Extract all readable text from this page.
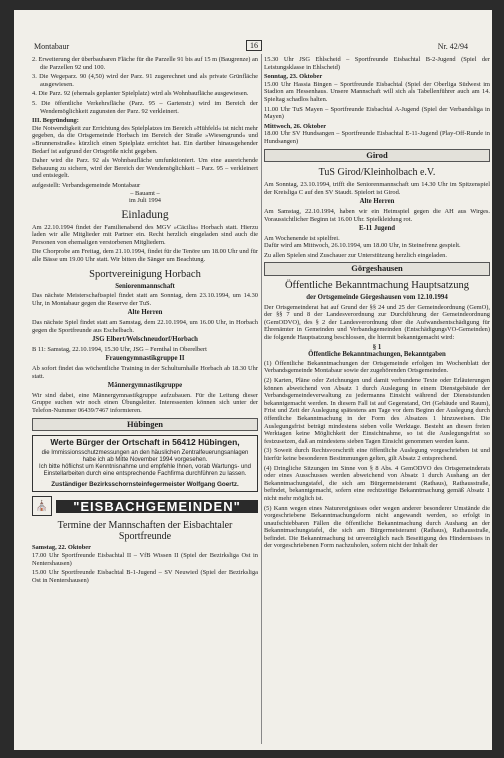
Montabaur	16	Nr. 42/94

2. Erweiterung der überbaubaren Fläche für die Parzelle 91 bis auf 15 m (Baugrenze) an die Parzellen 92 und 100.

3. Die Wegeparz. 90 (4,50) wird der Parz. 91 zugerechnet und als private Grünfläche ausgewiesen.

4. Die Parz. 92 (ehemals geplanter Spielplatz) wird als Wohnbaufläche ausgewiesen.

5. Die öffentliche Verkehrsfläche (Parz. 95 – Gartenstr.) wird im Bereich der Wendemöglichkeit zugunsten der Parz. 92 verkleinert.

III. Begründung:

Die Notwendigkeit zur Errichtung des Spielplatzes im Bereich »Hühfeld« ist nicht mehr gegeben, da die Ortsgemeinde Horbach im Bereich der Straße »Wiesengrund« und »Brunnenstraße« kürzlich einen Spielplatz errichtet hat. Ein darüber hinausgehender Bedarf ist aufgrund der Ortsgröße nicht gegeben.

Daher wird die Parz. 92 als Wohnbaufläche umfunktioniert. Um eine ausreichende Bebauung zu sichern, wird der Bereich der Wendemöglichkeit – Parz. 95 – verkleinert und entsiegelt.

aufgestellt: Verbandsgemeinde Montabaur

– Bauamt –

im Juli 1994

Einladung

Am 22.10.1994 findet der Familienabend des MGV »Cäcilia« Horbach statt. Hierzu laden wir alle Mitglieder mit Partner ein. Recht herzlich eingeladen sind auch die Personen von ehemaligen verstorbenen Mitgliedern.

Die Chorprobe am Freitag, dem 21.10.1994, findet für die Tenöre um 18.00 Uhr und für alle Bässe um 19.00 Uhr statt. Wir bitten die Sänger um Beachtung.

Sportvereinigung Horbach
Seniorenmannschaft

Das nächste Meisterschaftsspiel findet statt am Sonntag, dem 23.10.1994, um 14.30 Uhr, in Montabaur gegen die Reserve der TuS.

Alte Herren

Das nächste Spiel findet statt am Samstag, dem 22.10.1994, um 16.00 Uhr, in Horbach gegen die Sportfreunde aus Eschelbach.

JSG Elbert/Welschneudorf/Horbach

B 11: Samstag, 22.10.1994, 15.30 Uhr, JSG – Fernthal in Oberelbert

Frauengymnastikgruppe II

Ab sofort findet das wöchentliche Training in der Schulturnhalle Horbach ab 18.30 Uhr statt.

Männergymnastikgruppe

Wir sind dabei, eine Männergymnastikgruppe aufzubauen. Für die Leitung dieser Gruppe suchen wir noch einen Übungsleiter. Interessenten können sich unter der Telefon-Nummer 06439/7467 informieren.

Hübingen
Werte Bürger der Ortschaft in 56412 Hübingen,
die Immissionsschutzmessungen an den häuslichen Zentralfeuerungsanlagen habe ich ab Mitte November 1994 vorgesehen.
Ich bitte höflichst um Kenntnisnahme und empfehle Ihnen, vorab Wartungs- und Einstellarbeiten durch eine entsprechende Fachfirma durchführen zu lassen.
Zuständiger Bezirksschornsteinfegermeister Wolfgang Goertz.
⛪	"EISBACHGEMEINDEN"
Termine der Mannschaften der Eisbachtaler Sportfreunde

Samstag, 22. Oktober

17.00 Uhr Sportfreunde Eisbachtal II – VfB Wissen II (Spiel der Bezirksliga Ost in Nentershausen)

15.00 Uhr Sportfreunde Eisbachtal B-1-Jugend – SV Neuwied (Spiel der Bezirksliga Ost in Nentershausen)

15.30 Uhr JSG Ehlscheid – Sportfreunde Eisbachtal B-2-Jugend (Spiel der Leistungsklasse in Ehlscheid)

Sonntag, 23. Oktober

15.00 Uhr Hassia Bingen – Sportfreunde Eisbachtal (Spiel der Oberliga Südwest im Stadion am Hessenhaus. Unsere Mannschaft will sich als Tabellenführer auch am 14. Spieltag schadlos halten.

11.00 Uhr TuS Mayen – Sportfreunde Eisbachtal A-Jugend (Spiel der Verbandsliga in Mayen)

Mittwoch, 26. Oktober

18.00 Uhr SV Hundsangen – Sportfreunde Eisbachtal E-11-Jugend (Play-Off-Runde in Hundsangen)

Girod
TuS Girod/Kleinholbach e.V.

Am Sonntag, 23.10.1994, trifft die Seniorenmannschaft um 14.30 Uhr im Spitzenspiel der Kreisliga C auf den SV Staudt. Spielort ist Girod.

Alte Herren

Am Samstag, 22.10.1994, haben wir ein Heimspiel gegen die AH aus Wirges. Voraussichtlicher Beginn ist 16.00 Uhr. Spielkleidung rot.

E-11 Jugend

Am Wochenende ist spielfrei.

Dafür wird am Mittwoch, 26.10.1994, um 18.00 Uhr, in Steinefrenz gespielt.

Zu allen Spielen sind Zuschauer zur Unterstützung herzlich eingeladen.

Görgeshausen
Öffentliche Bekanntmachung Hauptsatzung
der Ortsgemeinde Görgeshausen vom 12.10.1994

Der Ortsgemeinderat hat auf Grund der §§ 24 und 25 der Gemeindeordnung (GemO), der §§ 7 und 8 der Landesverordnung zur Durchführung der Gemeindeordnung (GemODVO), des § 2 der Landesverordnung über die Aufwandsentschädigung für Ehrenämter in Gemeinden und Verbandsgemeinden (EntschädigungsVO-Gemeinden) die folgende Hauptsatzung beschlossen, die hiermit bekanntgemacht wird:

§ 1
Öffentliche Bekanntmachungen, Bekanntgaben

(1) Öffentliche Bekanntmachungen der Ortsgemeinde erfolgen im Wochenblatt der Verbandsgemeinde Montabaur sowie der zugehörenden Ortsgemeinden.

(2) Karten, Pläne oder Zeichnungen und damit verbundene Texte oder Erläuterungen können abweichend von Absatz 1 durch Auslegung in einem Dienstgebäude der Verbandsgemeindeverwaltung zu jedermanns Einsicht während der Dienststunden bekanntgemacht werden. In diesem Fall ist auf Gegenstand, Ort (Gebäude und Raum), Frist und Zeit der Auslegung spätestens am Tage vor dem Beginn der Auslegung durch öffentliche Bekanntmachung in der Form des Absatzes 1 hinzuweisen. Die Auslegungsfrist beträgt mindestens sieben volle Werktage. Besteht an diesen freien Werktagen keine Möglichkeit der Einsichtnahme, so ist die Auslegungsfrist so festzusetzen, daß an mindestens sieben Tagen Einsicht genommen werden kann.

(3) Soweit durch Rechtsvorschrift eine öffentliche Auslegung vorgeschrieben ist und hierfür keine besonderen Bestimmungen gelten, gilt Absatz 2 entsprechend.

(4) Dringliche Sitzungen im Sinne von § 8 Abs. 4 GemODVO des Ortsgemeinderats oder eines Ausschusses werden abweichend von Absatz 1 durch Aushang an der Bekanntmachungstafel, die sich am Bürgermeisteramt (Rathaus), Rathausstraße, befindet, bekanntgemacht, sofern eine rechtzeitige Bekanntmachung gemäß Absatz 1 nicht mehr möglich ist.

(5) Kann wegen eines Naturereignisses oder wegen anderer besonderer Umstände die vorgeschriebene Bekanntmachungsform nicht angewandt werden, so erfolgt in unaufschiebbaren Fällen die öffentliche Bekanntmachung durch Aushang an der Bekanntmachungstafel, die sich am Bürgermeisteramt (Rathaus), Rathausstraße, befindet. Die Bekanntmachung ist unverzüglich nach Beseitigung des Hindernisses in der vorgeschriebenen Form nachzuholen, sofern nicht der Inhalt der
